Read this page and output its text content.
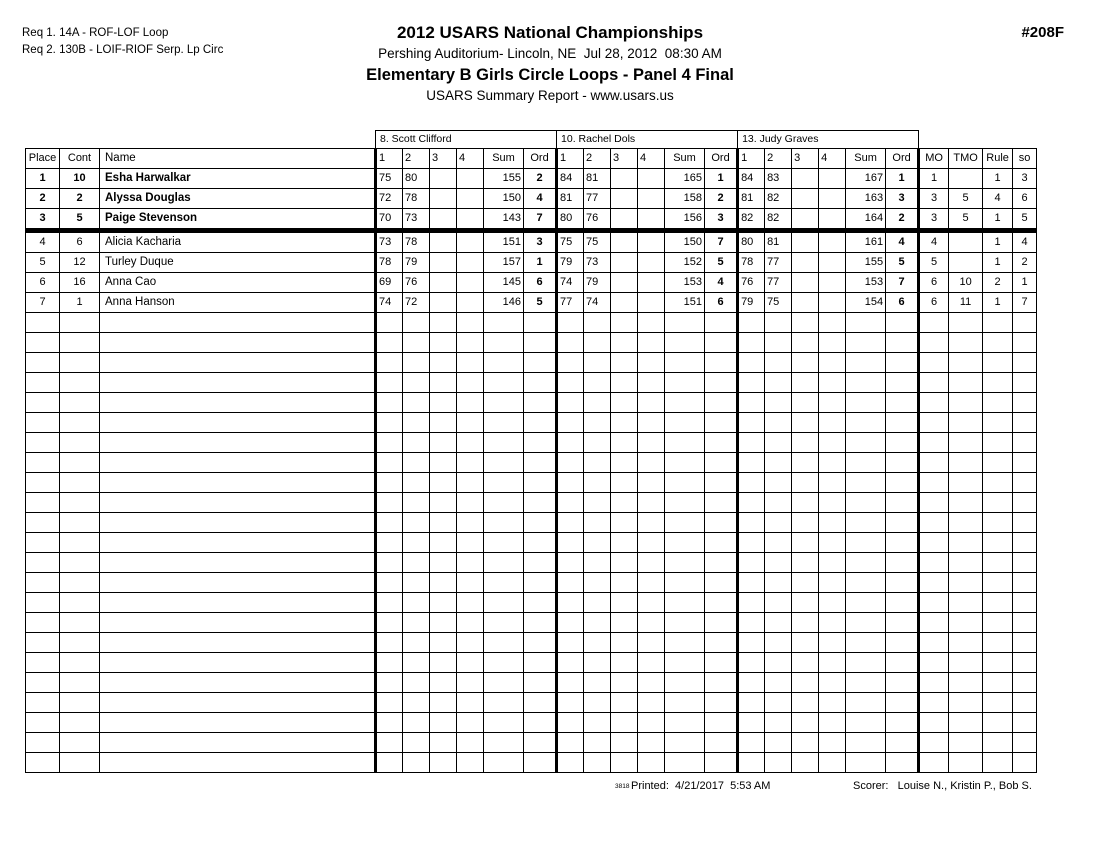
Req 1. 14A - ROF-LOF Loop
Req 2. 130B - LOIF-RIOF Serp. Lp Circ
#208F
2012 USARS National Championships
Pershing Auditorium- Lincoln, NE  Jul 28, 2012  08:30 AM
Elementary B Girls Circle Loops - Panel 4 Final
USARS Summary Report - www.usars.us
			8. Scott Clifford						10. Rachel Dols						13. Judy Graves									
Place	Cont	Name	1	2	3	4	Sum	Ord	1	2	3	4	Sum	Ord	1	2	3	4	Sum	Ord	MO	TMO	Rule	so
1	10	Esha Harwalkar	75	80			155	2	84	81			165	1	84	83			167	1	1		1	3
2	2	Alyssa Douglas	72	78			150	4	81	77			158	2	81	82			163	3	3	5	4	6
3	5	Paige Stevenson	70	73			143	7	80	76			156	3	82	82			164	2	3	5	1	5
4	6	Alicia Kacharia	73	78			151	3	75	75			150	7	80	81			161	4	4		1	4
5	12	Turley Duque	78	79			157	1	79	73			152	5	78	77			155	5	5		1	2
6	16	Anna Cao	69	76			145	6	74	79			153	4	76	77			153	7	6	10	2	1
7	1	Anna Hanson	74	72			146	5	77	74			151	6	79	75			154	6	6	11	1	7

3818 Printed:  4/21/2017  5:53 AM	Scorer:   Louise N., Kristin P., Bob S.
